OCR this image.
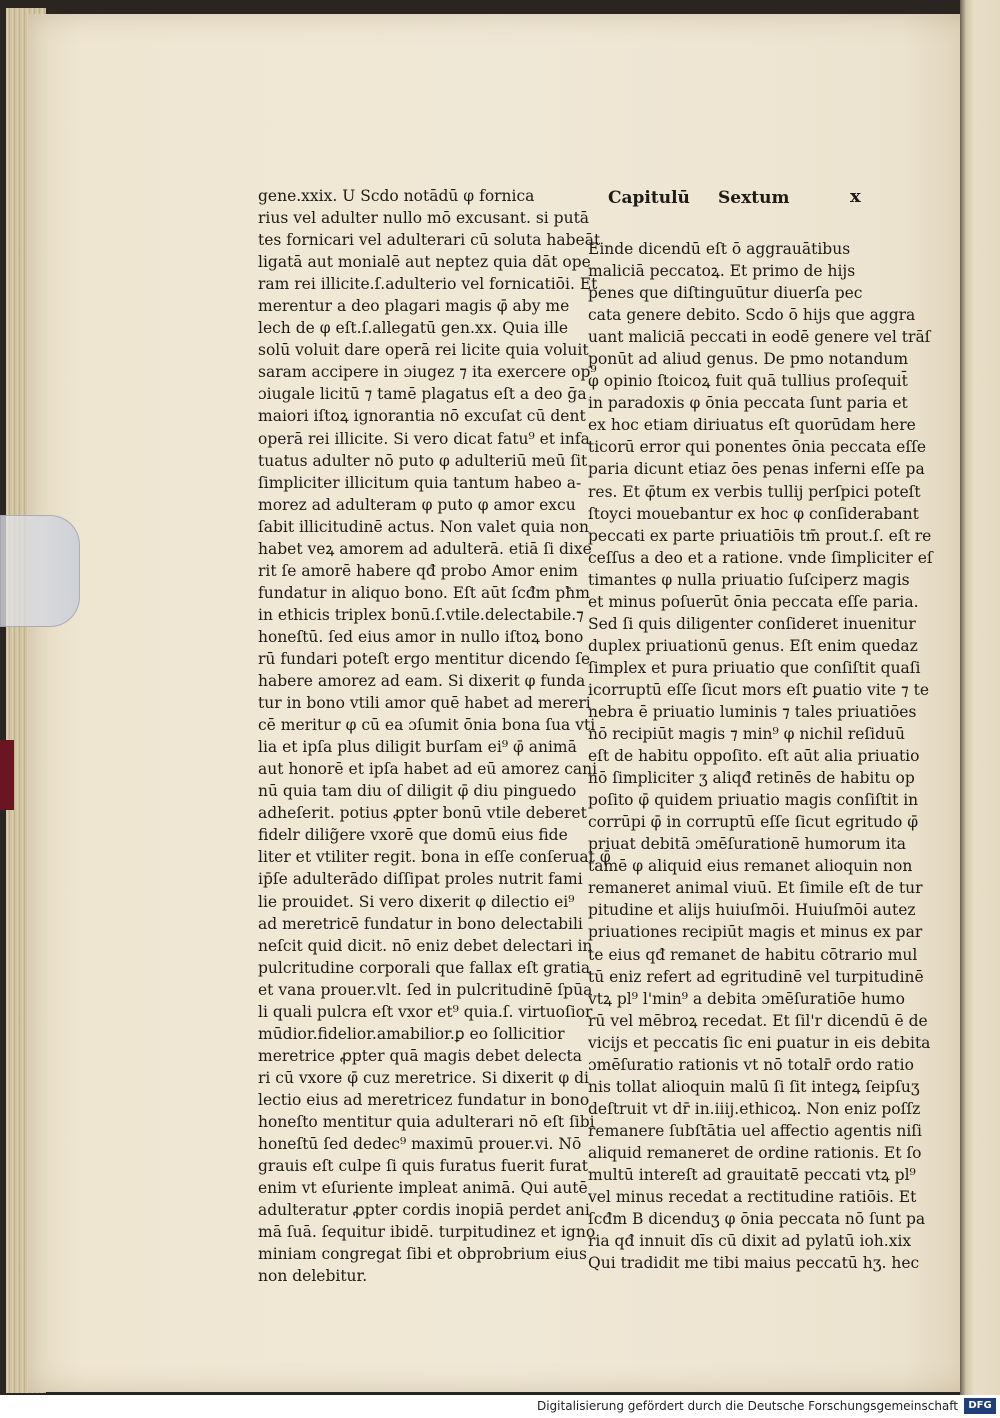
Capitulū Sextum	x
gene.xxix. U Scdo notādū φ fornica
rius vel adulter nullo mō excusant. si putā
tes fornicari vel adulterari cū soluta habeāt
ligatā aut monialē aut neptez quia dāt ope
ram rei illicite.ſ.adulterio vel fornicatiōi. Et
merentur a deo plagari magis φ̄ aby me
lech de φ eſt.ſ.allegatū gen.xx. Quia ille
solū voluit dare operā rei licite quia voluit
saram accipere in ɔiugez ⁊ ita exercere op⁹
ɔiugale licitū ⁊ tamē plagatus eſt a deo ḡa
maiori iſtoꝝ ignorantia nō excuſat cū dent
operā rei illicite. Si vero dicat fatu⁹ et infa
tuatus adulter nō puto φ adulteriū meū ſit
ſimpliciter illicitum quia tantum habeo a-
morez ad adulteram φ puto φ amor excu
ſabit illicitudinē actus. Non valet quia non
habet veꝝ amorem ad adulterā. etiā ſi dixe
rit ſe amorē habere qđ probo Amor enim
fundatur in aliquo bono. Eſt aūt ſcđm pħm
in ethicis triplex bonū.ſ.vtile.delectabile.⁊
honeſtū. ſed eius amor in nullo iſtoꝝ bono
rū fundari poteſt ergo mentitur dicendo ſe
habere amorez ad eam. Si dixerit φ funda
tur in bono vtili amor quē habet ad mereri
cē meritur φ cū ea ɔſumit ōnia bona ſua vti
lia et ipſa plus diligit burſam ei⁹ φ̄ animā
aut honorē et ipſa habet ad eū amorez cani
nū quia tam diu oſ diligit φ̄ diu pinguedo
adheſerit. potius ꝓpter bonū vtile deberet
fidelr dilig̃ere vxorē que domū eius fide
liter et vtiliter regit. bona in eſſe conſeruat φ̄
ip̄ſe adulterādo diſſipat proles nutrit fami
lie prouidet. Si vero dixerit φ dilectio ei⁹
ad meretricē fundatur in bono delectabili
neſcit quid dicit. nō eniz debet delectari in
pulcritudine corporali que fallax eſt gratia
et vana prouer.vlt. ſed in pulcritudinē ſpūa
li quali pulcra eſt vxor et⁹ quia.ſ. virtuoſior
mūdior.fidelior.amabilior.ꝑ eo ſollicitior
meretrice ꝓpter quā magis debet delecta
ri cū vxore φ̄ cuz meretrice. Si dixerit φ di
lectio eius ad meretricez fundatur in bono
honeſto mentitur quia adulterari nō eſt ſibi
honeſtū ſed dedec⁹ maximū prouer.vi. Nō
grauis eſt culpe ſi quis furatus fuerit furat
enim vt eſuriente impleat animā. Qui autē
adulteratur ꝓpter cordis inopiā perdet ani
mā ſuā. ſequitur ibidē. turpitudinez et igno
miniam congregat ſibi et obprobrium eius
non delebitur.
Einde dicendū eſt ō aggrauātibus
maliciā peccatoꝝ. Et primo de hijs
penes que diſtinguūtur diuerſa pec
cata genere debito. Scdo ō hijs que aggra
uant maliciā peccati in eodē genere vel trāſ
ponūt ad aliud genus. De pmo notandum
φ opinio ſtoicoꝝ fuit quā tullius proſequit̄
in paradoxis φ ōnia peccata ſunt paria et
ex hoc etiam diriuatus eſt quorūdam here
ticorū error qui ponentes ōnia peccata eſſe
paria dicunt etiaz ōes penas inferni eſſe pa
res. Et φ̄tum ex verbis tullij perſpici poteſt
ſtoyci mouebantur ex hoc φ conſiderabant
peccati ex parte priuatiōis tm̄ prout.ſ. eſt re
ceſſus a deo et a ratione. vnde ſimpliciter eſ
timantes φ nulla priuatio ſuſciperz magis
et minus poſuerūt ōnia peccata eſſe paria.
Sed ſi quis diligenter conſideret inuenitur
duplex priuationū genus. Eſt enim quedaz
ſimplex et pura priuatio que conſiſtit quaſi
icorruptū eſſe ſicut mors eſt ꝑuatio vite ⁊ te
nebra ē priuatio luminis ⁊ tales priuatiōes
nō recipiūt magis ⁊ min⁹ φ nichil reſiduū
eſt de habitu oppoſito. eſt aūt alia priuatio
nō ſimpliciter ʒ aliqđ retinēs de habitu op
poſito φ̄ quidem priuatio magis conſiſtit in
corrūpi φ̄ in corruptū eſſe ſicut egritudo φ̄
priuat debitā ɔmēſurationē humorum ita
tamē φ aliquid eius remanet alioquin non
remaneret animal viuū. Et ſimile eſt de tur
pitudine et alijs huiuſmōi. Huiuſmōi autez
priuationes recipiūt magis et minus ex par
te eius qđ remanet de habitu cōtrario mul
tū eniz refert ad egritudinē vel turpitudinē
vtꝝ pl⁹ l'min⁹ a debita ɔmēſuratiōe humo
rū vel mēbroꝝ recedat. Et ſil'r dicendū ē de
vicijs et peccatis ſic eni ꝑuatur in eis debita
ɔmēſuratio rationis vt nō totalr̄ ordo ratio
nis tollat alioquin malū ſi ſit integꝝ ſeipſuʒ
deſtruit vt dr̄ in.iiij.ethicoꝝ. Non eniz poſſz
remanere ſubſtātia uel affectio agentis niſi
aliquid remaneret de ordine rationis. Et ſo
multū intereſt ad grauitatē peccati vtꝝ pl⁹
vel minus recedat a rectitudine ratiōis. Et
ſcđm B dicenduʒ φ ōnia peccata nō ſunt pa
ria qđ innuit dīs cū dixit ad pylatū ioh.xix
Qui tradidit me tibi maius peccatū hʒ. hec
Digitalisierung gefördert durch die Deutsche Forschungsgemeinschaft	DFG
